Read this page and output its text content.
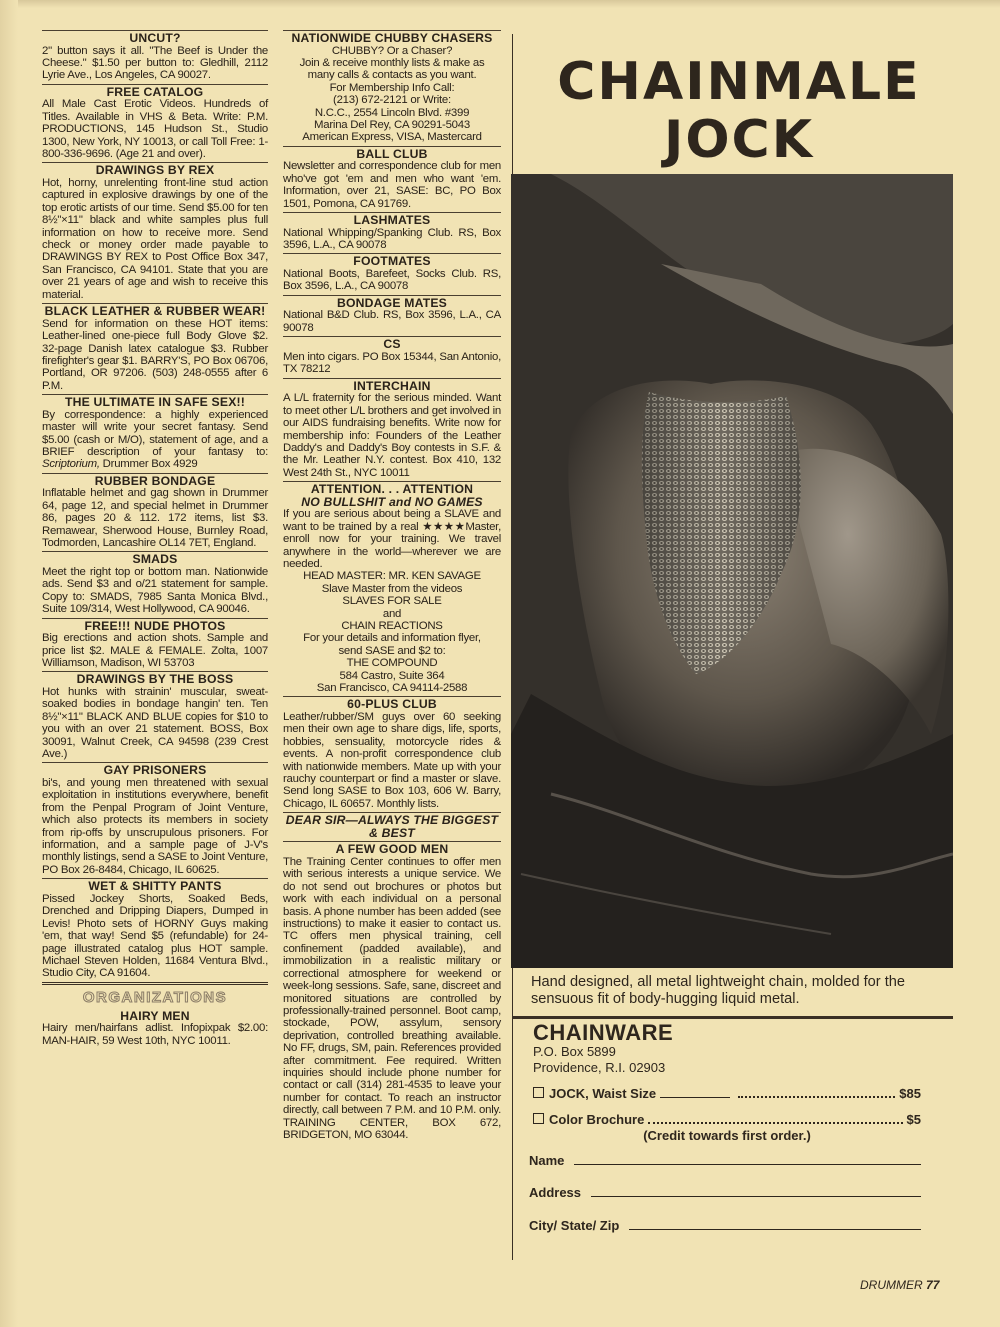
UNCUT?

2" button says it all. "The Beef is Under the Cheese." $1.50 per button to: Gledhill, 2112 Lyrie Ave., Los Angeles, CA 90027.

FREE CATALOG

All Male Cast Erotic Videos. Hundreds of Titles. Available in VHS & Beta. Write: P.M. PRODUCTIONS, 145 Hudson St., Studio 1300, New York, NY 10013, or call Toll Free: 1-800-336-9696. (Age 21 and over).

DRAWINGS BY REX

Hot, horny, unrelenting front-line stud action captured in explosive drawings by one of the top erotic artists of our time. Send $5.00 for ten 8½"×11" black and white samples plus full information on how to receive more. Send check or money order made payable to DRAWINGS BY REX to Post Office Box 347, San Francisco, CA 94101. State that you are over 21 years of age and wish to receive this material.

BLACK LEATHER & RUBBER WEAR!

Send for information on these HOT items: Leather-lined one-piece full Body Glove $2. 32-page Danish latex catalogue $3. Rubber firefighter's gear $1. BARRY'S, PO Box 06706, Portland, OR 97206. (503) 248-0555 after 6 P.M.

THE ULTIMATE IN SAFE SEX!!

By correspondence: a highly experienced master will write your secret fantasy. Send $5.00 (cash or M/O), statement of age, and a BRIEF description of your fantasy to: Scriptorium, Drummer Box 4929

RUBBER BONDAGE

Inflatable helmet and gag shown in Drummer 64, page 12, and special helmet in Drummer 86, pages 20 & 112. 172 items, list $3. Remawear, Sherwood House, Burnley Road, Todmorden, Lancashire OL14 7ET, England.

SMADS

Meet the right top or bottom man. Nationwide ads. Send $3 and o/21 statement for sample. Copy to: SMADS, 7985 Santa Monica Blvd., Suite 109/314, West Hollywood, CA 90046.

FREE!!! NUDE PHOTOS

Big erections and action shots. Sample and price list $2. MALE & FEMALE. Zolta, 1007 Williamson, Madison, WI 53703

DRAWINGS BY THE BOSS

Hot hunks with strainin' muscular, sweat-soaked bodies in bondage hangin' ten. Ten 8½"×11" BLACK AND BLUE copies for $10 to you with an over 21 statement. BOSS, Box 30091, Walnut Creek, CA 94598 (239 Crest Ave.)

GAY PRISONERS

bi's, and young men threatened with sexual exploitation in institutions everywhere, benefit from the Penpal Program of Joint Venture, which also protects its members in society from rip-offs by unscrupulous prisoners. For information, and a sample page of J-V's monthly listings, send a SASE to Joint Venture, PO Box 26-8484, Chicago, IL 60625.

WET & SHITTY PANTS

Pissed Jockey Shorts, Soaked Beds, Drenched and Dripping Diapers, Dumped in Levis! Photo sets of HORNY Guys making 'em, that way! Send $5 (refundable) for 24-page illustrated catalog plus HOT sample. Michael Steven Holden, 11684 Ventura Blvd., Studio City, CA 91604.

ORGANIZATIONS
HAIRY MEN

Hairy men/hairfans adlist. Infopixpak $2.00: MAN-HAIR, 59 West 10th, NYC 10011.

NATIONWIDE CHUBBY CHASERS

CHUBBY? Or a Chaser?
Join & receive monthly lists & make as
many calls & contacts as you want.
For Membership Info Call:
(213) 672-2121 or Write:
N.C.C., 2554 Lincoln Blvd. #399
Marina Del Rey, CA 90291-5043
American Express, VISA, Mastercard

BALL CLUB

Newsletter and correspondence club for men who've got 'em and men who want 'em. Information, over 21, SASE: BC, PO Box 1501, Pomona, CA 91769.

LASHMATES

National Whipping/Spanking Club. RS, Box 3596, L.A., CA 90078

FOOTMATES

National Boots, Barefeet, Socks Club. RS, Box 3596, L.A., CA 90078

BONDAGE MATES

National B&D Club. RS, Box 3596, L.A., CA 90078

CS

Men into cigars. PO Box 15344, San Antonio, TX 78212

INTERCHAIN

A L/L fraternity for the serious minded. Want to meet other L/L brothers and get involved in our AIDS fundraising benefits. Write now for membership info: Founders of the Leather Daddy's and Daddy's Boy contests in S.F. & the Mr. Leather N.Y. contest. Box 410, 132 West 24th St., NYC 10011

ATTENTION. . . ATTENTION
NO BULLSHIT and NO GAMES

If you are serious about being a SLAVE and want to be trained by a real ★★★★Master, enroll now for your training. We travel anywhere in the world—wherever we are needed.

HEAD MASTER: MR. KEN SAVAGE
Slave Master from the videos
SLAVES FOR SALE
and
CHAIN REACTIONS
For your details and information flyer,
send SASE and $2 to:
THE COMPOUND
584 Castro, Suite 364
San Francisco, CA 94114-2588

60-PLUS CLUB

Leather/rubber/SM guys over 60 seeking men their own age to share digs, life, sports, hobbies, sensuality, motorcycle rides & events. A non-profit correspondence club with nationwide members. Mate up with your rauchy counterpart or find a master or slave. Send long SASE to Box 103, 606 W. Barry, Chicago, IL 60657. Monthly lists.

DEAR SIR—ALWAYS THE BIGGEST & BEST
A FEW GOOD MEN

The Training Center continues to offer men with serious interests a unique service. We do not send out brochures or photos but work with each individual on a personal basis. A phone number has been added (see instructions) to make it easier to contact us. TC offers men physical training, cell confinement (padded available), and immobilization in a realistic military or correctional atmosphere for weekend or week-long sessions. Safe, sane, discreet and monitored situations are controlled by professionally-trained personnel. Boot camp, stockade, POW, assylum, sensory deprivation, controlled breathing available. No FF, drugs, SM, pain. References provided after commitment. Fee required. Written inquiries should include phone number for contact or call (314) 281-4535 to leave your number for contact. To reach an instructor directly, call between 7 P.M. and 10 P.M. only. TRAINING CENTER, BOX 672, BRIDGETON, MO 63044.

CHAINMALE
JOCK
Hand designed, all metal lightweight chain, molded for the sensuous fit of body-hugging liquid metal.
CHAINWARE
P.O. Box 5899
Providence, R.I. 02903
JOCK, Waist Size	$85
Color Brochure	$5
(Credit towards first order.)
Name
Address
City/ State/ Zip
DRUMMER 77
